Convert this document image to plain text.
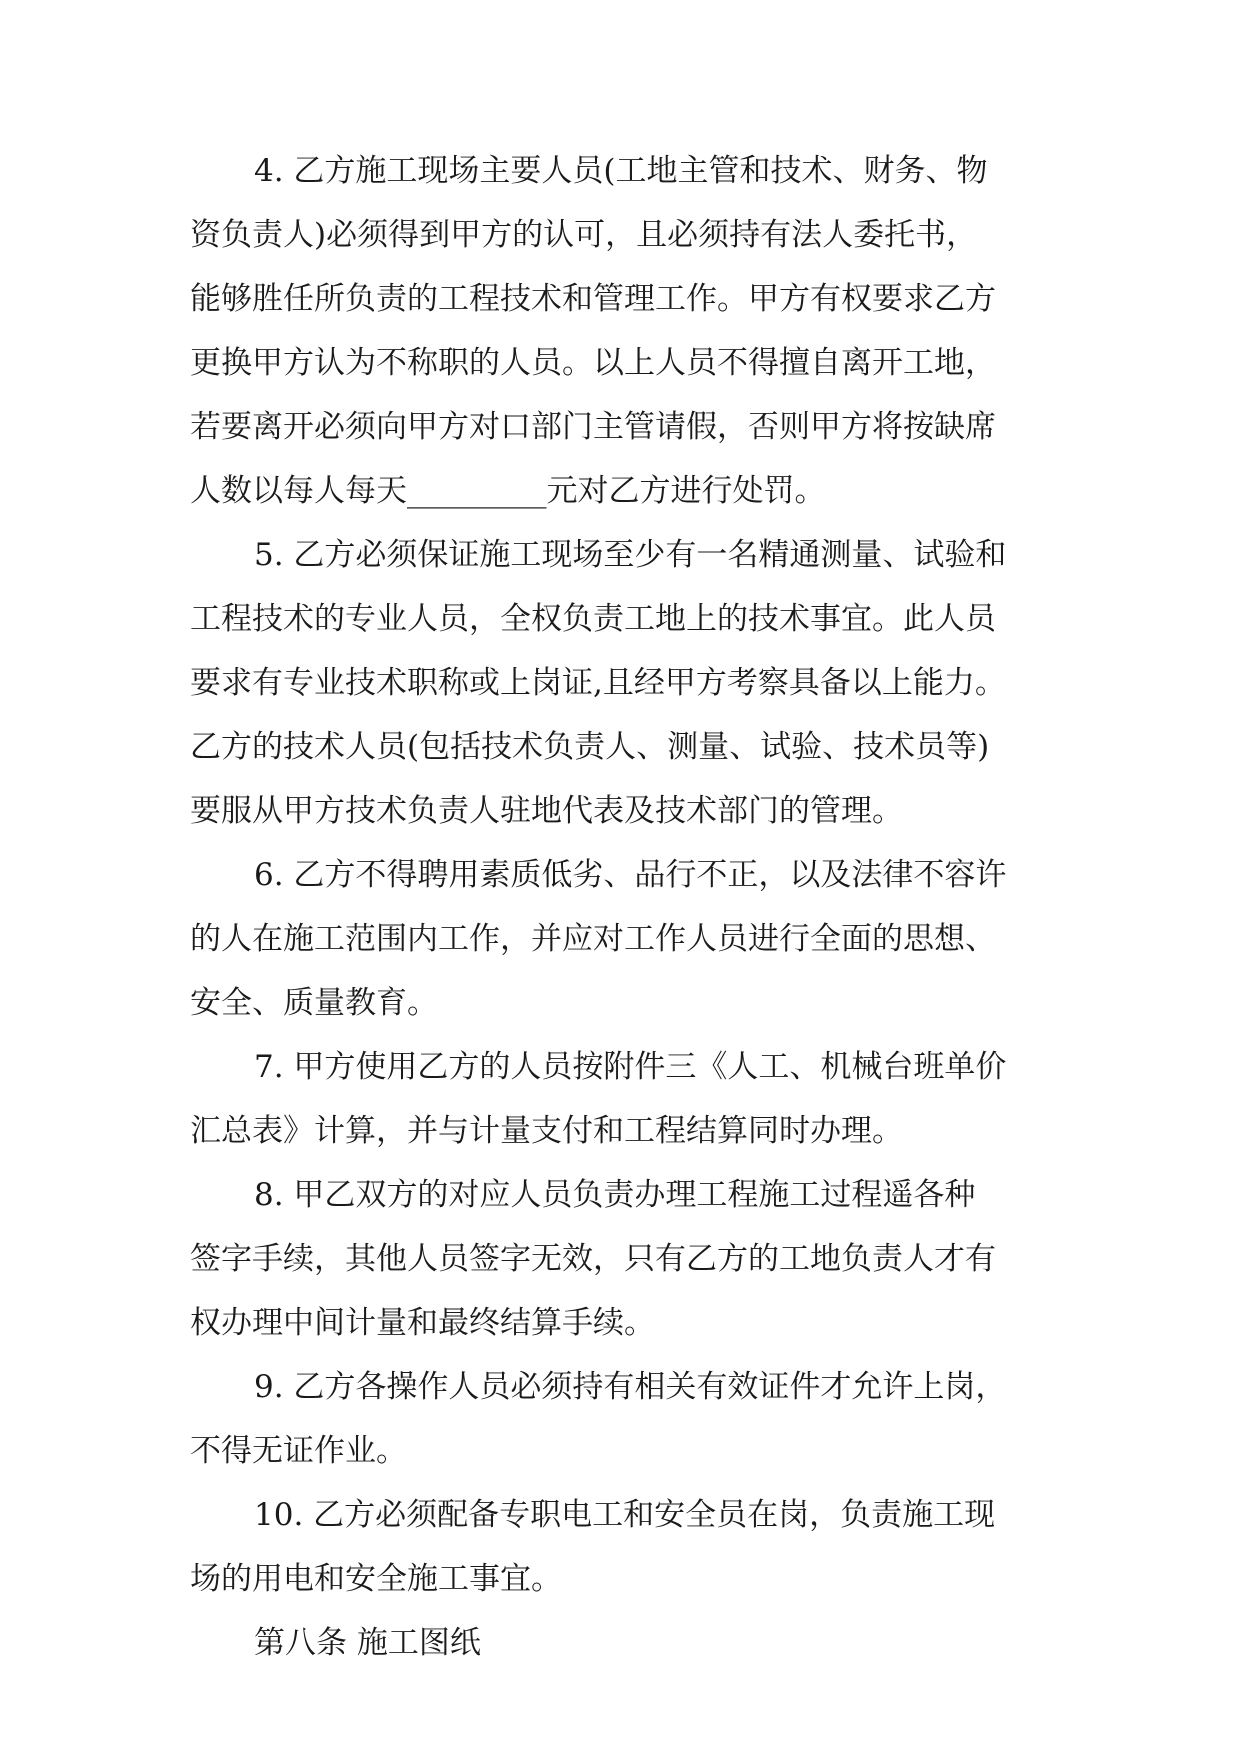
4. 乙方施工现场主要人员(工地主管和技术、财务、物
资负责人)必须得到甲方的认可，且必须持有法人委托书，
能够胜任所负责的工程技术和管理工作。甲方有权要求乙方
更换甲方认为不称职的人员。以上人员不得擅自离开工地，
若要离开必须向甲方对口部门主管请假，否则甲方将按缺席
人数以每人每天_________元对乙方进行处罚。
5. 乙方必须保证施工现场至少有一名精通测量、试验和
工程技术的专业人员，全权负责工地上的技术事宜。此人员
要求有专业技术职称或上岗证,且经甲方考察具备以上能力。
乙方的技术人员(包括技术负责人、测量、试验、技术员等)
要服从甲方技术负责人驻地代表及技术部门的管理。
6. 乙方不得聘用素质低劣、品行不正，以及法律不容许
的人在施工范围内工作，并应对工作人员进行全面的思想、
安全、质量教育。
7. 甲方使用乙方的人员按附件三《人工、机械台班单价
汇总表》计算，并与计量支付和工程结算同时办理。
8. 甲乙双方的对应人员负责办理工程施工过程遥各种
签字手续，其他人员签字无效，只有乙方的工地负责人才有
权办理中间计量和最终结算手续。
9. 乙方各操作人员必须持有相关有效证件才允许上岗，
不得无证作业。
10. 乙方必须配备专职电工和安全员在岗，负责施工现
场的用电和安全施工事宜。
第八条 施工图纸
